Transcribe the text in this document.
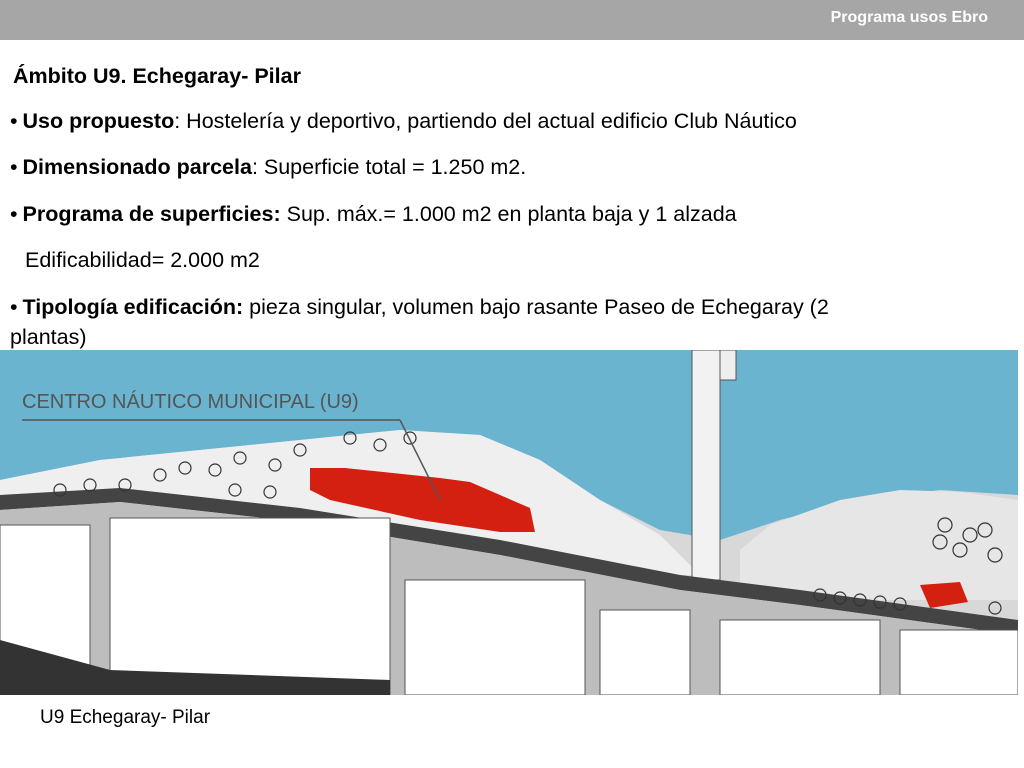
Programa usos Ebro
Ámbito U9. Echegaray- Pilar
• Uso propuesto: Hostelería y deportivo, partiendo del actual edificio Club Náutico
• Dimensionado parcela: Superficie total = 1.250 m2.
• Programa de superficies: Sup. máx.= 1.000 m2 en planta baja y 1 alzada
Edificabilidad= 2.000 m2
• Tipología edificación: pieza singular, volumen bajo rasante Paseo de Echegaray (2
plantas)
CENTRO NÁUTICO MUNICIPAL (U9)
U9 Echegaray- Pilar
